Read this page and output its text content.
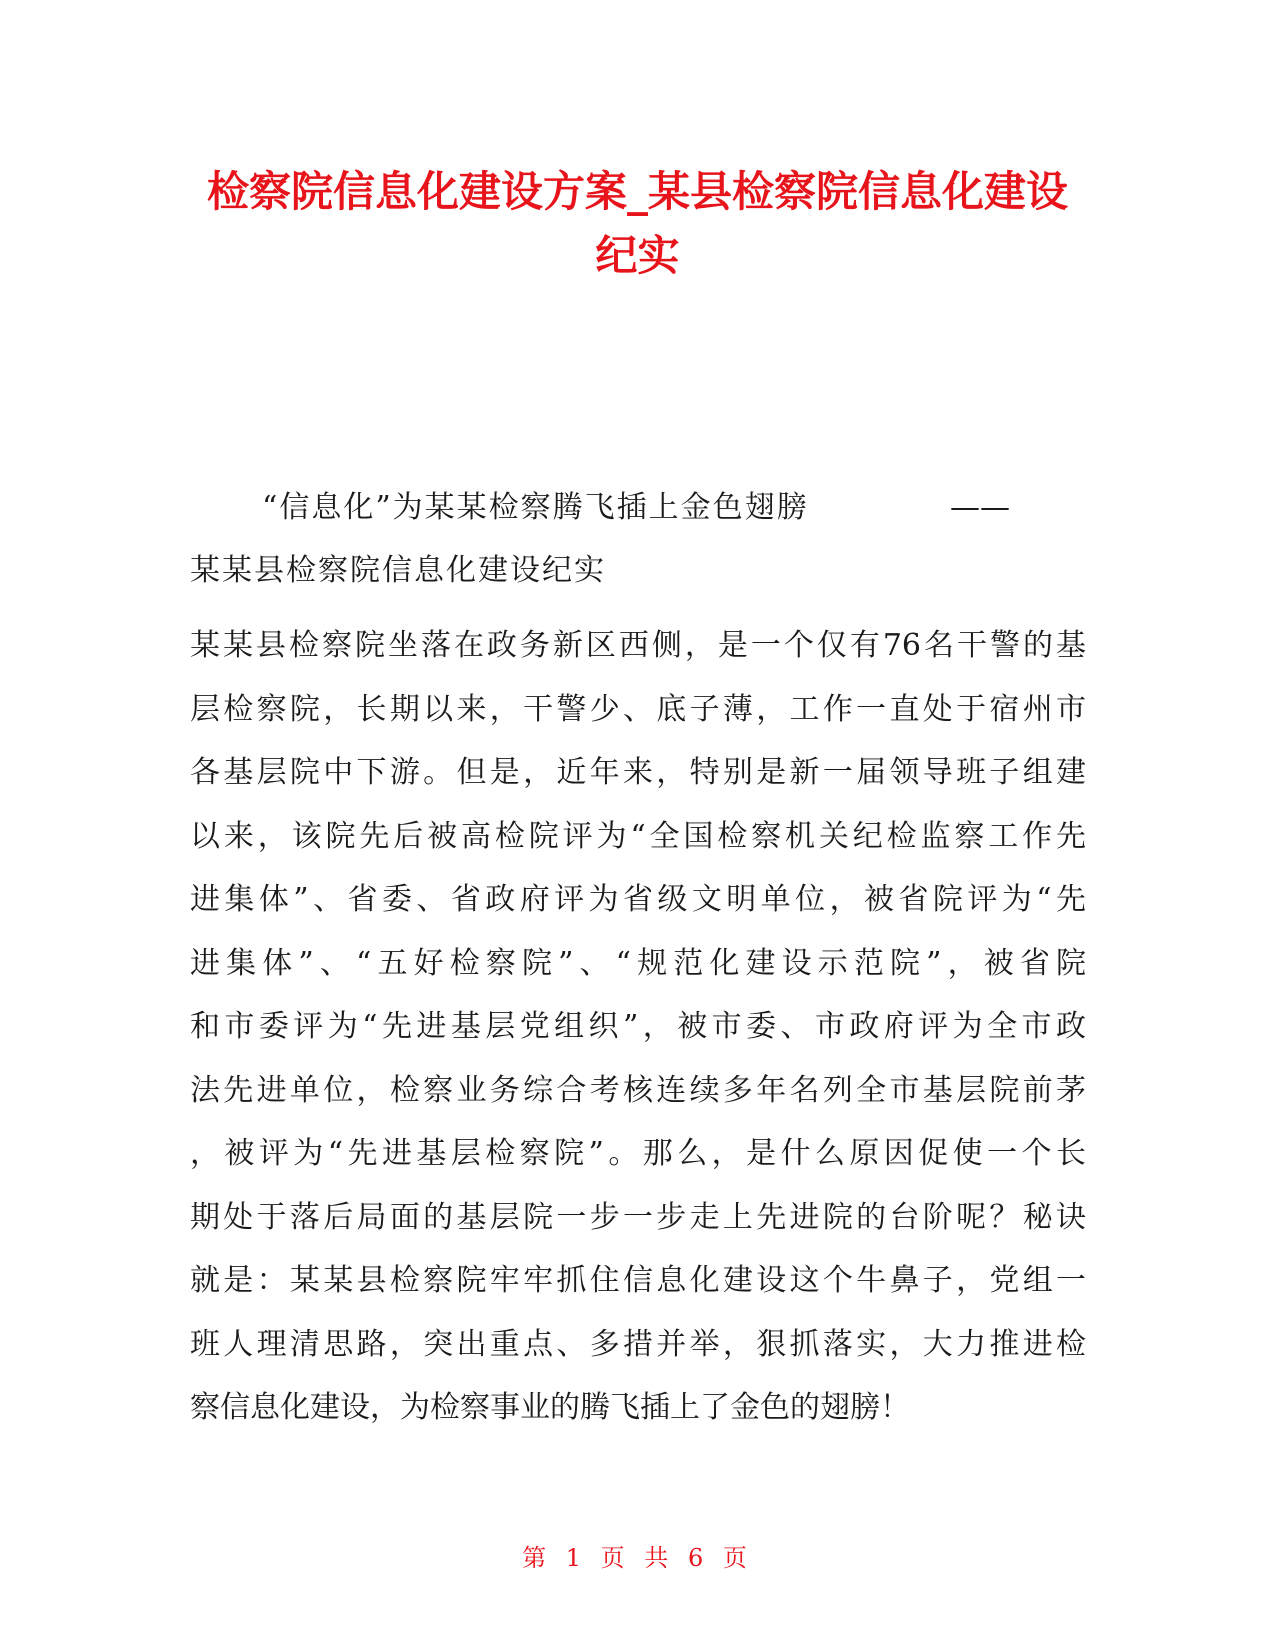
检察院信息化建设方案_某县检察院信息化建设
纪实
“信息化”为某某检察腾飞插上金色翅膀	——
某某县检察院信息化建设纪实
某某县检察院坐落在政务新区西侧，是一个仅有76名干警的基
层检察院，长期以来，干警少、底子薄，工作一直处于宿州市
各基层院中下游。但是，近年来，特别是新一届领导班子组建
以来，该院先后被高检院评为“全国检察机关纪检监察工作先
进集体”、省委、省政府评为省级文明单位，被省院评为“先
进集体”、“五好检察院”、“规范化建设示范院”，被省院
和市委评为“先进基层党组织”，被市委、市政府评为全市政
法先进单位，检察业务综合考核连续多年名列全市基层院前茅
，被评为“先进基层检察院”。那么，是什么原因促使一个长
期处于落后局面的基层院一步一步走上先进院的台阶呢？秘诀
就是：某某县检察院牢牢抓住信息化建设这个牛鼻子，党组一
班人理清思路，突出重点、多措并举，狠抓落实，大力推进检
察信息化建设，为检察事业的腾飞插上了金色的翅膀！
第 1 页 共 6 页
